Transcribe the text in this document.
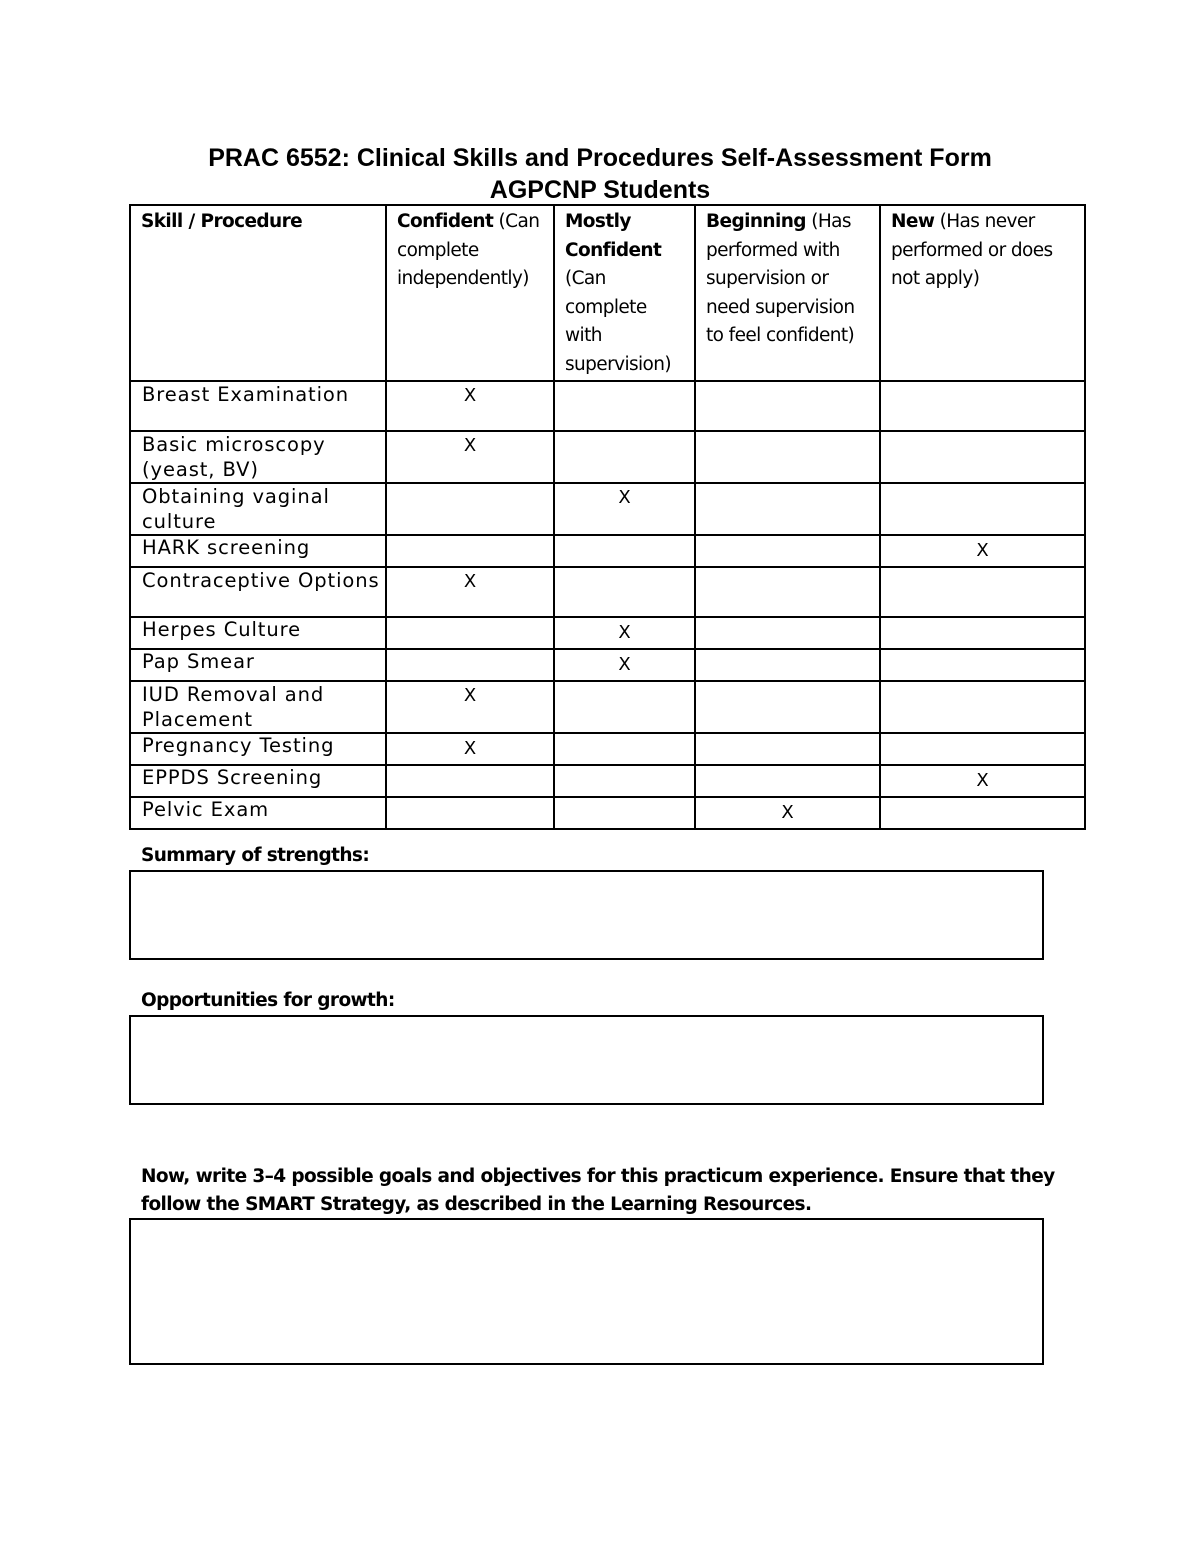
PRAC 6552: Clinical Skills and Procedures Self-Assessment Form
AGPCNP Students
Skill / Procedure	Confident (Can complete independently)	Mostly Confident (Can complete with supervision)	Beginning (Has performed with supervision or need supervision to feel confident)	New (Has never performed or does not apply)
Breast Examination	X			
Basic microscopy (yeast, BV)	X			
Obtaining vaginal culture		X		
HARK screening				X
Contraceptive Options	X			
Herpes Culture		X		
Pap Smear		X		
IUD Removal and Placement	X			
Pregnancy Testing	X			
EPPDS Screening				X
Pelvic Exam			X	

Summary of strengths:

Opportunities for growth:

Now, write 3–4 possible goals and objectives for this practicum experience. Ensure that they

follow the SMART Strategy, as described in the Learning Resources.
